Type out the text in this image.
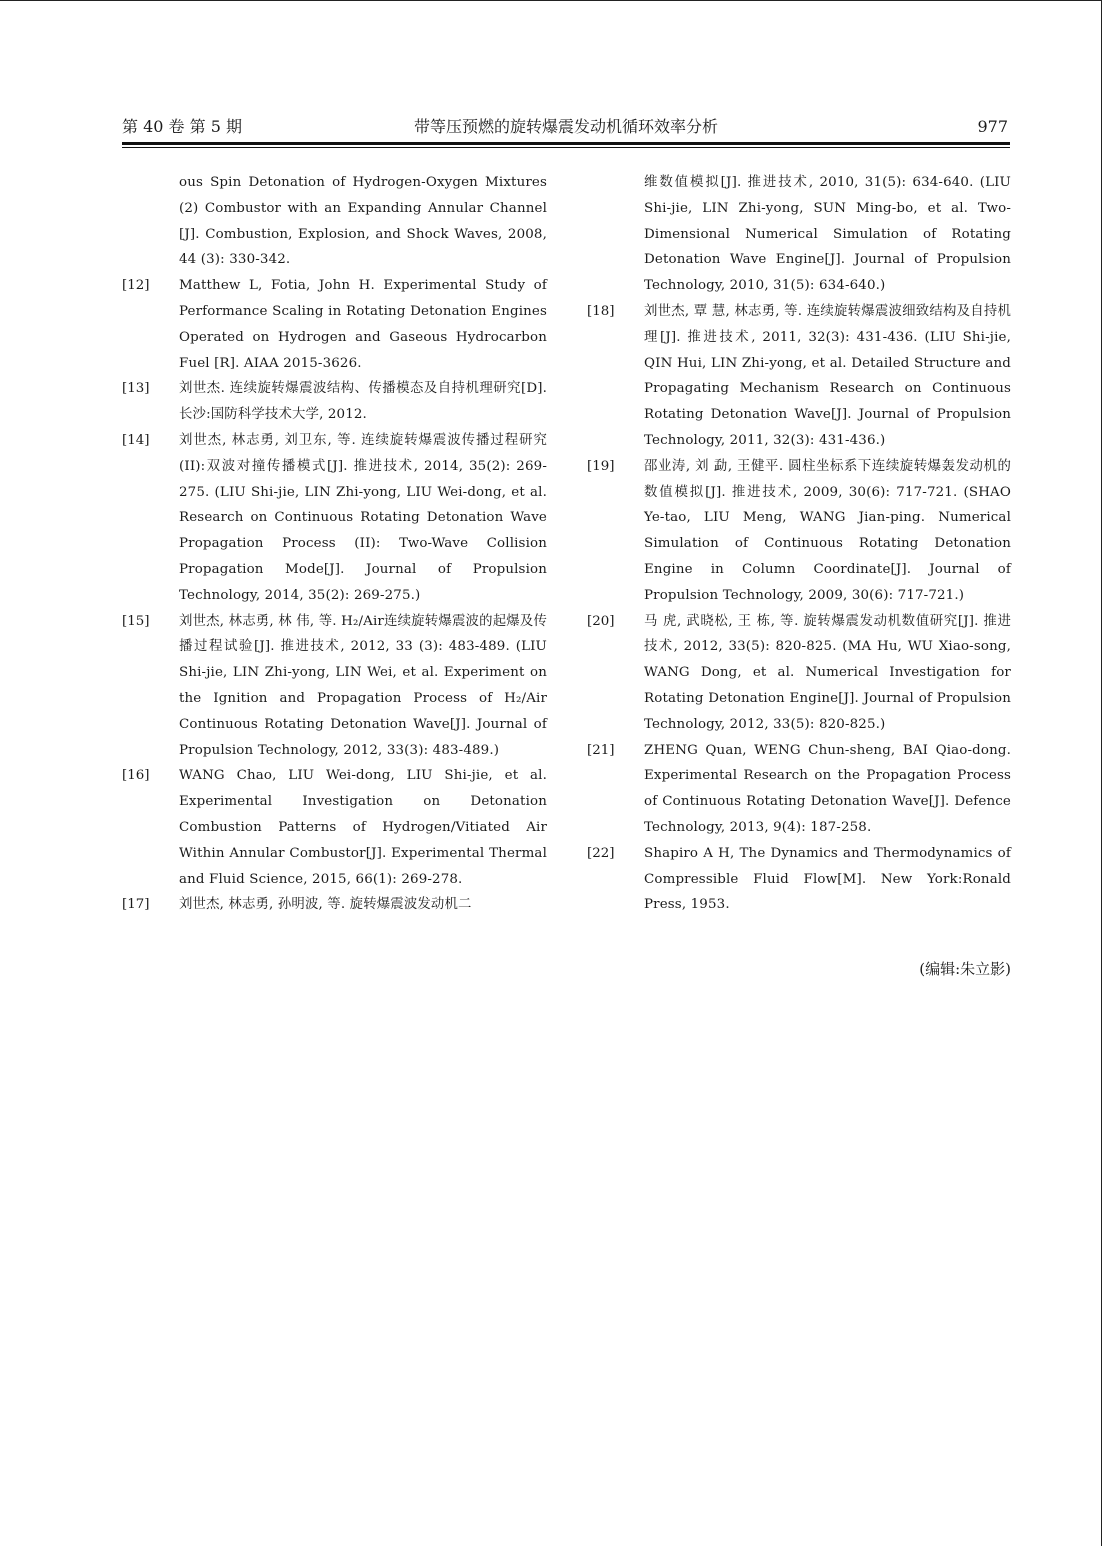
第 40 卷 第 5 期	带等压预燃的旋转爆震发动机循环效率分析	977
ous Spin Detonation of Hydrogen-Oxygen Mixtures (2) Combustor with an Expanding Annular Channel [J]. Combustion, Explosion, and Shock Waves, 2008, 44 (3): 330-342.
[12]	Matthew L, Fotia, John H. Experimental Study of Performance Scaling in Rotating Detonation Engines Operated on Hydrogen and Gaseous Hydrocarbon Fuel [R]. AIAA 2015-3626.
[13]	刘世杰. 连续旋转爆震波结构、传播模态及自持机理研究[D]. 长沙:国防科学技术大学, 2012.
[14]	刘世杰, 林志勇, 刘卫东, 等. 连续旋转爆震波传播过程研究(II):双波对撞传播模式[J]. 推进技术, 2014, 35(2): 269-275. (LIU Shi-jie, LIN Zhi-yong, LIU Wei-dong, et al. Research on Continuous Rotating Detonation Wave Propagation Process (II): Two-Wave Collision Propagation Mode[J]. Journal of Propulsion Technology, 2014, 35(2): 269-275.)
[15]	刘世杰, 林志勇, 林 伟, 等. H₂/Air连续旋转爆震波的起爆及传播过程试验[J]. 推进技术, 2012, 33 (3): 483-489. (LIU Shi-jie, LIN Zhi-yong, LIN Wei, et al. Experiment on the Ignition and Propagation Process of H₂/Air Continuous Rotating Detonation Wave[J]. Journal of Propulsion Technology, 2012, 33(3): 483-489.)
[16]	WANG Chao, LIU Wei-dong, LIU Shi-jie, et al. Experimental Investigation on Detonation Combustion Patterns of Hydrogen/Vitiated Air Within Annular Combustor[J]. Experimental Thermal and Fluid Science, 2015, 66(1): 269-278.
[17]	刘世杰, 林志勇, 孙明波, 等. 旋转爆震波发动机二
维数值模拟[J]. 推进技术, 2010, 31(5): 634-640. (LIU Shi-jie, LIN Zhi-yong, SUN Ming-bo, et al. Two-Dimensional Numerical Simulation of Rotating Detonation Wave Engine[J]. Journal of Propulsion Technology, 2010, 31(5): 634-640.)
[18]	刘世杰, 覃 慧, 林志勇, 等. 连续旋转爆震波细致结构及自持机理[J]. 推进技术, 2011, 32(3): 431-436. (LIU Shi-jie, QIN Hui, LIN Zhi-yong, et al. Detailed Structure and Propagating Mechanism Research on Continuous Rotating Detonation Wave[J]. Journal of Propulsion Technology, 2011, 32(3): 431-436.)
[19]	邵业涛, 刘 勐, 王健平. 圆柱坐标系下连续旋转爆轰发动机的数值模拟[J]. 推进技术, 2009, 30(6): 717-721. (SHAO Ye-tao, LIU Meng, WANG Jian-ping. Numerical Simulation of Continuous Rotating Detonation Engine in Column Coordinate[J]. Journal of Propulsion Technology, 2009, 30(6): 717-721.)
[20]	马 虎, 武晓松, 王 栋, 等. 旋转爆震发动机数值研究[J]. 推进技术, 2012, 33(5): 820-825. (MA Hu, WU Xiao-song, WANG Dong, et al. Numerical Investigation for Rotating Detonation Engine[J]. Journal of Propulsion Technology, 2012, 33(5): 820-825.)
[21]	ZHENG Quan, WENG Chun-sheng, BAI Qiao-dong. Experimental Research on the Propagation Process of Continuous Rotating Detonation Wave[J]. Defence Technology, 2013, 9(4): 187-258.
[22]	Shapiro A H, The Dynamics and Thermodynamics of Compressible Fluid Flow[M]. New York:Ronald Press, 1953.
(编辑:朱立影)
